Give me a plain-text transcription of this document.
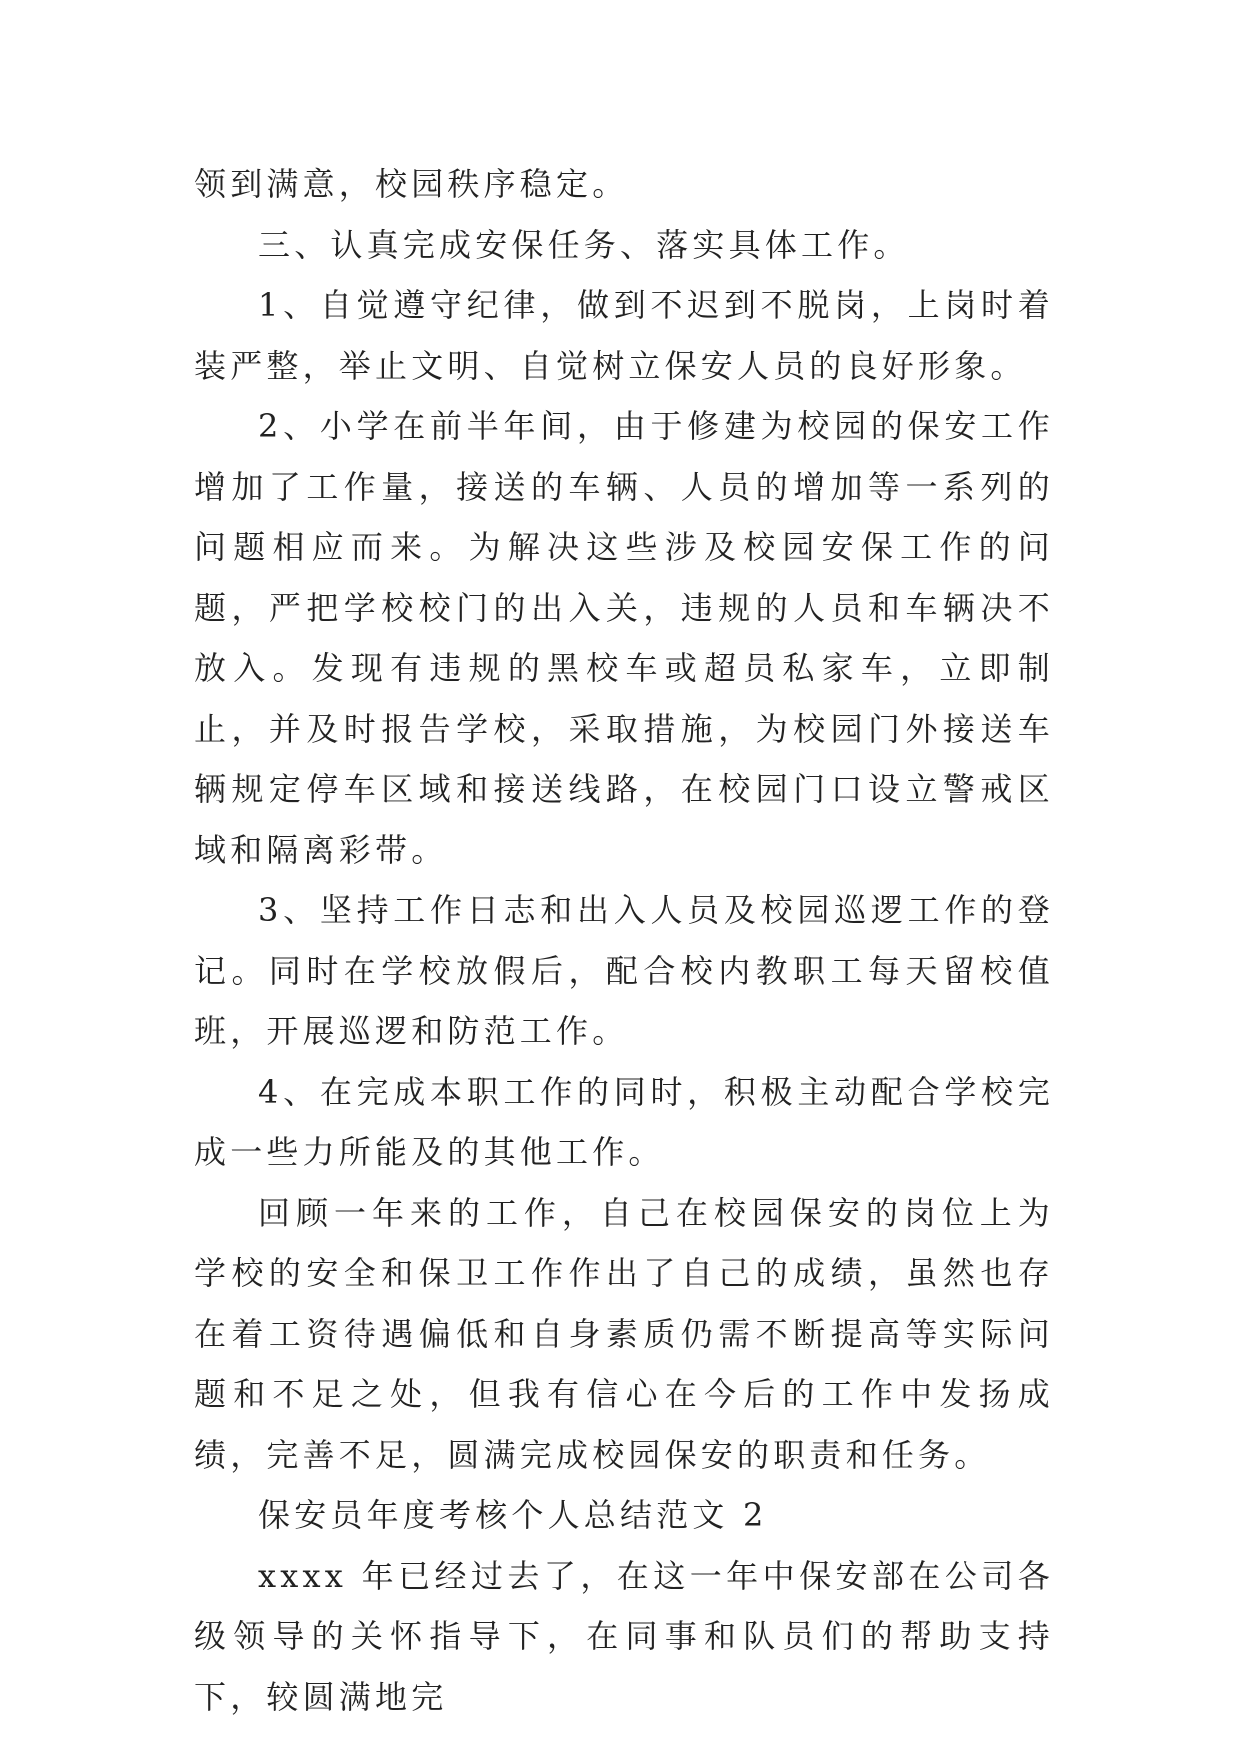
领到满意，校园秩序稳定。

三、认真完成安保任务、落实具体工作。

1、自觉遵守纪律，做到不迟到不脱岗，上岗时着装严整，举止文明、自觉树立保安人员的良好形象。

2、小学在前半年间，由于修建为校园的保安工作增加了工作量，接送的车辆、人员的增加等一系列的问题相应而来。为解决这些涉及校园安保工作的问题，严把学校校门的出入关，违规的人员和车辆决不放入。发现有违规的黑校车或超员私家车，立即制止，并及时报告学校，采取措施，为校园门外接送车辆规定停车区域和接送线路，在校园门口设立警戒区域和隔离彩带。

3、坚持工作日志和出入人员及校园巡逻工作的登记。同时在学校放假后，配合校内教职工每天留校值班，开展巡逻和防范工作。

4、在完成本职工作的同时，积极主动配合学校完成一些力所能及的其他工作。

回顾一年来的工作，自己在校园保安的岗位上为学校的安全和保卫工作作出了自己的成绩，虽然也存在着工资待遇偏低和自身素质仍需不断提高等实际问题和不足之处，但我有信心在今后的工作中发扬成绩，完善不足，圆满完成校园保安的职责和任务。

保安员年度考核个人总结范文 2

xxxx 年已经过去了，在这一年中保安部在公司各级领导的关怀指导下，在同事和队员们的帮助支持下，较圆满地完
